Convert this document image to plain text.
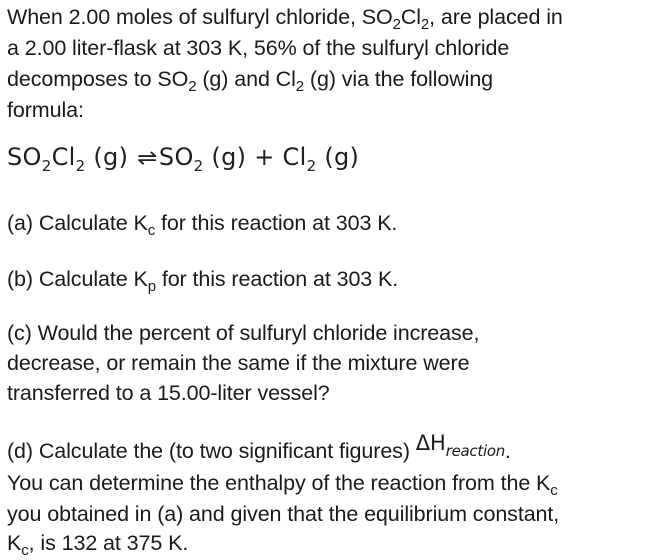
When 2.00 moles of sulfuryl chloride, $SO_2Cl_2$, are placed in
a 2.00 liter-flask at 303 K, 56% of the sulfuryl chloride
decomposes to $SO_2$ (g) and $Cl_2$ (g) via the following
formula:
$SO_2Cl_2$ (g) $\rightleftharpoons SO_2$ $(g) + Cl_2$ (g)
(a) Calculate $K_c$ for this reaction at 303 K.
(b) Calculate $K_p$ for this reaction at 303 K.
(c) Would the percent of sulfuryl chloride increase,
decrease, or remain the same if the mixture were
transferred to a 15.00-liter vessel?
(d) Calculate the (to two significant figures) $\Delta H_{reaction}$.
You can determine the enthalpy of the reaction from the $K_c$
you obtained in (a) and given that the equilibrium constant,
$K_c$, is 132 at 375 K.
